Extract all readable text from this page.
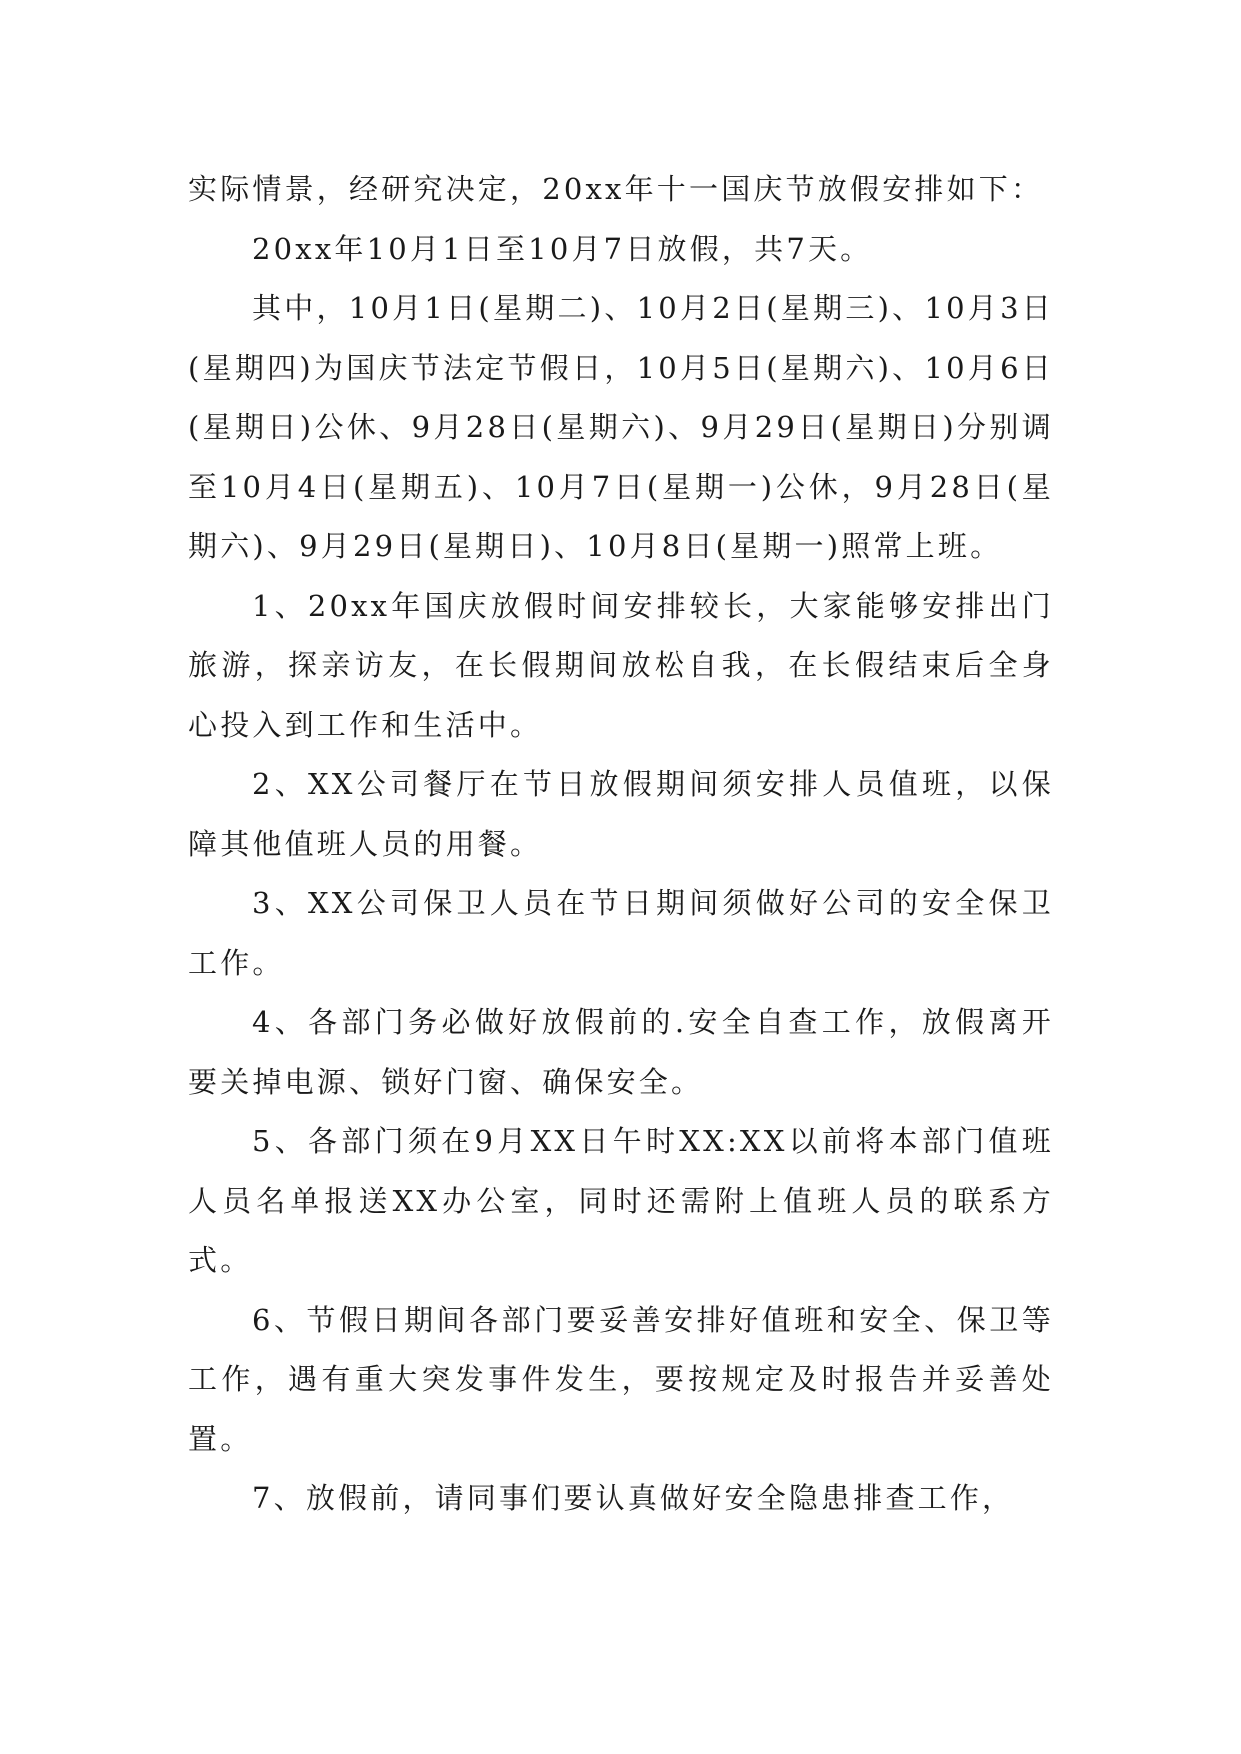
实际情景，经研究决定，20xx年十一国庆节放假安排如下：

20xx年10月1日至10月7日放假，共7天。

其中，10月1日(星期二)、10月2日(星期三)、10月3日(星期四)为国庆节法定节假日，10月5日(星期六)、10月6日(星期日)公休、9月28日(星期六)、9月29日(星期日)分别调至10月4日(星期五)、10月7日(星期一)公休，9月28日(星期六)、9月29日(星期日)、10月8日(星期一)照常上班。

1、20xx年国庆放假时间安排较长，大家能够安排出门旅游，探亲访友，在长假期间放松自我，在长假结束后全身心投入到工作和生活中。

2、XX公司餐厅在节日放假期间须安排人员值班，以保障其他值班人员的用餐。

3、XX公司保卫人员在节日期间须做好公司的安全保卫工作。

4、各部门务必做好放假前的.安全自查工作，放假离开要关掉电源、锁好门窗、确保安全。

5、各部门须在9月XX日午时XX:XX以前将本部门值班人员名单报送XX办公室，同时还需附上值班人员的联系方式。

6、节假日期间各部门要妥善安排好值班和安全、保卫等工作，遇有重大突发事件发生，要按规定及时报告并妥善处置。

7、放假前，请同事们要认真做好安全隐患排查工作，
